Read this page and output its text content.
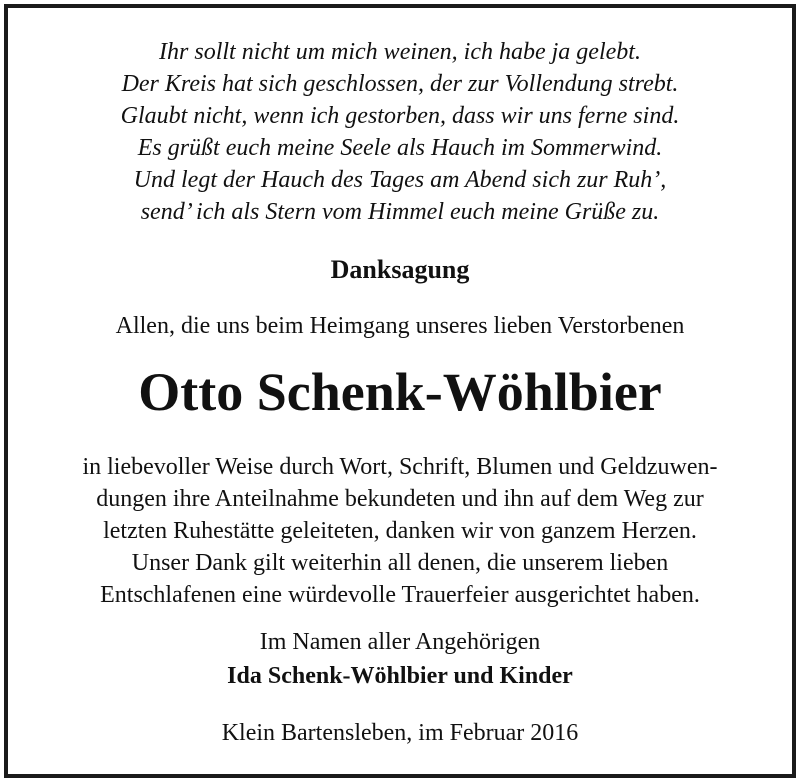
Ihr sollt nicht um mich weinen, ich habe ja gelebt.
Der Kreis hat sich geschlossen, der zur Vollendung strebt.
Glaubt nicht, wenn ich gestorben, dass wir uns ferne sind.
Es grüßt euch meine Seele als Hauch im Sommerwind.
Und legt der Hauch des Tages am Abend sich zur Ruh’,
send’ ich als Stern vom Himmel euch meine Grüße zu.
Danksagung
Allen, die uns beim Heimgang unseres lieben Verstorbenen
Otto Schenk-Wöhlbier
in liebevoller Weise durch Wort, Schrift, Blumen und Geldzuwen-
dungen ihre Anteilnahme bekundeten und ihn auf dem Weg zur
letzten Ruhestätte geleiteten, danken wir von ganzem Herzen.
Unser Dank gilt weiterhin all denen, die unserem lieben
Entschlafenen eine würdevolle Trauerfeier ausgerichtet haben.
Im Namen aller Angehörigen
Ida Schenk-Wöhlbier und Kinder
Klein Bartensleben, im Februar 2016
